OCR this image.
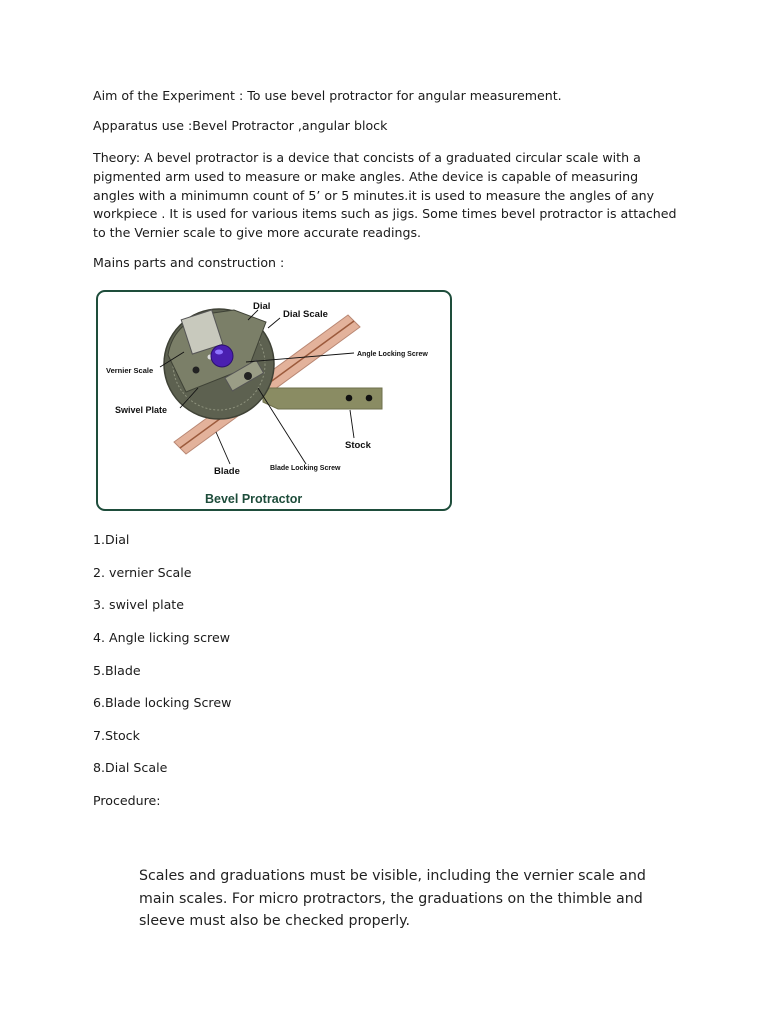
Aim of the Experiment : To use bevel protractor for angular measurement.
Apparatus use :Bevel Protractor ,angular block
Theory: A bevel protractor is a device that concists of a graduated circular scale with a pigmented arm used to measure or make angles. Athe device is capable of measuring angles with a minimumn count of 5’ or 5 minutes.it is used to measure the angles of any workpiece . It is used for various items such as jigs. Some times bevel protractor is attached to the Vernier scale to give more accurate readings.
Mains parts and construction :
Dial
Dial Scale
Angle Locking Screw
Vernier Scale
Swivel Plate
Stock
Blade	Blade Locking Screw
Bevel Protractor
1.Dial
2. vernier Scale
3. swivel plate
4. Angle licking screw
5.Blade
6.Blade locking Screw
7.Stock
8.Dial Scale
Procedure:
Scales and graduations must be visible, including the vernier scale and main scales. For micro protractors, the graduations on the thimble and sleeve must also be checked properly.
